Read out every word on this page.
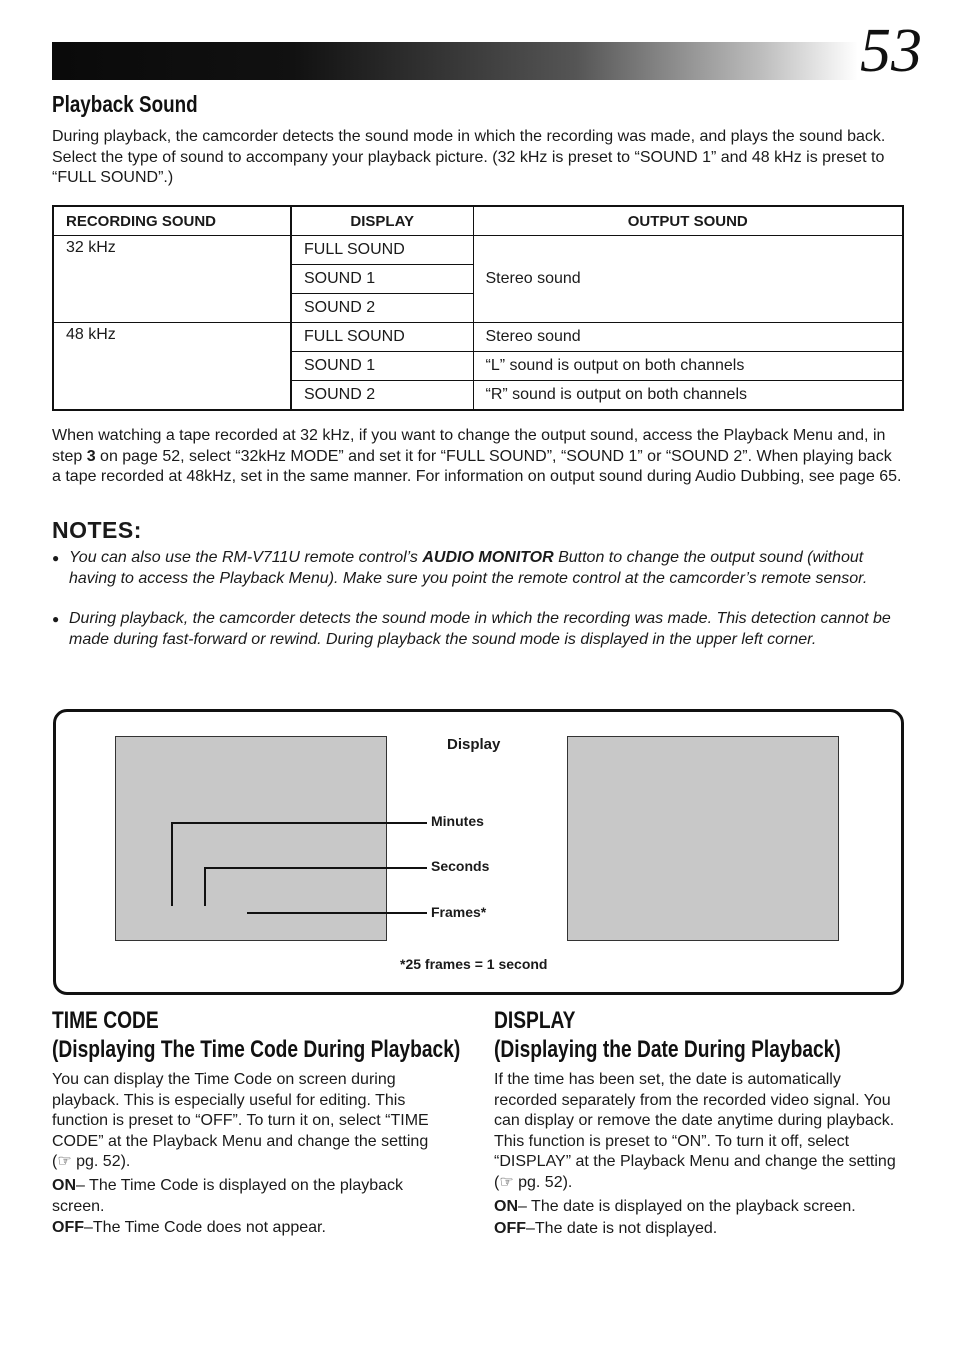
53
Playback Sound
During playback, the camcorder detects the sound mode in which the recording was made, and plays the sound back. Select the type of sound to accompany your playback picture. (32 kHz is preset to “SOUND 1” and 48 kHz is preset to “FULL SOUND”.)
RECORDING SOUND	DISPLAY	OUTPUT SOUND
32 kHz	FULL SOUND	Stereo sound
	SOUND 1	
	SOUND 2	
48 kHz	FULL SOUND	Stereo sound
	SOUND 1	“L” sound is output on both channels
	SOUND 2	“R” sound is output on both channels
When watching a tape recorded at 32 kHz, if you want to change the output sound, access the Playback Menu and, in step 3 on page 52, select “32kHz MODE” and set it for “FULL SOUND”, “SOUND 1” or “SOUND 2”. When playing back a tape recorded at 48kHz, set in the same manner. For information on output sound during Audio Dubbing, see page 65.
NOTES:
● You can also use the RM-V711U remote control’s AUDIO MONITOR Button to change the output sound (without having to access the Playback Menu). Make sure you point the remote control at the camcorder’s remote sensor.
● During playback, the camcorder detects the sound mode in which the recording was made. This detection cannot be made during fast-forward or rewind. During playback the sound mode is displayed in the upper left corner.
Display
Minutes
Seconds
Frames*
*25 frames = 1 second
TIME CODE
(Displaying The Time Code During Playback)
You can display the Time Code on screen during playback. This is especially useful for editing. This function is preset to “OFF”. To turn it on, select “TIME CODE” at the Playback Menu and change the setting (☞ pg. 52).
ON– The Time Code is displayed on the playback screen.
OFF–The Time Code does not appear.
DISPLAY
(Displaying the Date During Playback)
If the time has been set, the date is automatically recorded separately from the recorded video signal. You can display or remove the date anytime during playback. This function is preset to “ON”. To turn it off, select “DISPLAY” at the Playback Menu and change the setting (☞ pg. 52).
ON– The date is displayed on the playback screen.
OFF–The date is not displayed.
